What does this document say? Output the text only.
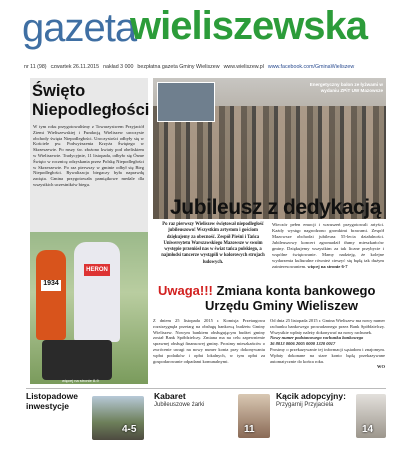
gazeta
wieliszewska
nr 11 (98) czwartek 26.11.2015 nakład 3 000 bezpłatna gazeta Gminy Wieliszew www.wieliszew.pl www.facebook.com/GminaWieliszew
Święto Niepodległości
W tym roku przygotowaliśmy z Towarzystwem Przyjaciół Ziemi Wieliszewskiej i Fundacją Wieliszew uroczyste obchody święta Niepodległości. Uroczystości odbyły się w Kościele pw. Podwyższenia Krzyża Świętego w Skrzeszewie. Po mszy św. złożono kwiaty pod obeliskiem w Wieliszewie. Tradycyjnie, 11 listopada, odbyło się Ósme Święto w rocznicę odzyskania przez Polskę Niepodległości w Skrzeszewie. Po raz pierwszy w gminie odbył się Bieg Niepodległości. Rywalizacja biegaczy była naprawdę zacięta. Gmina przygotowała pamiątkowe medale dla wszystkich uczestników biegu.
1934
HERON
więcej na stronie 8-9
Energetyczny balon ze łyżwami w wydaniu ZPiT UW Mazowsze
Jubileusz z dedykacją
Po raz pierwszy Wieliszew świętował niepodległość jubileuszowo! Wszystkim artystom i gościom dziękujemy za obecność. Zespół Pieśni i Tańca Uniwersytetu Warszawskiego Mazowsze w swoim występie przeniósł nas w świat tańca polskiego, a najmłodsi tancerze wystąpili w kolorowych strojach ludowych.
Wieczór pełen emocji i wzruszeń przygotowali artyści. Każdy występ nagrodzono gromkimi brawami. Zespół Mazowsze obchodzi jubileusz 55-lecia działalności. Jubileuszowy koncert zgromadził tłumy mieszkańców gminy. Dziękujemy wszystkim za tak liczne przybycie i wspólne świętowanie. Mamy nadzieję, że kolejne wydarzenia kulturalne również cieszyć się będą tak dużym zainteresowaniem. więcej na stronie 6-7
Uwaga!!! Zmiana konta bankowego
Urzędu Gminy Wieliszew
Z dniem 25 listopada 2015 r. Komisja Przetargowa rozstrzygnęła przetarg na obsługę bankową budżetu Gminy Wieliszew. Nowym bankiem obsługującym budżet gminy został Bank Spółdzielczy. Zmiana ma na celu zapewnienie sprawnej obsługi finansowej gminy. Prosimy mieszkańców o zwrócenie uwagi na nowy numer konta przy dokonywaniu wpłat podatków i opłat lokalnych, w tym opłat za gospodarowanie odpadami komunalnymi.
Od dnia 25 listopada 2015 r. Gmina Wieliszew ma nowy numer rachunku bankowego prowadzonego przez Bank Spółdzielczy. Wszystkie wpłaty należy dokonywać na nowy rachunek.
Nowy numer podstawowego rachunku bankowego
36 8013 0006 2005 0000 1320 0017
Prosimy o przekazywanie tej informacji sąsiadom i znajomym. Wpłaty dokonane na stare konto będą przekazywane automatycznie do końca roku.
WO
Listopadowe inwestycje
4-5
Kabaret
Jubileuszowe żarki
11
Kącik adopcyjny:
Przygarnij Przyjaciela
14
